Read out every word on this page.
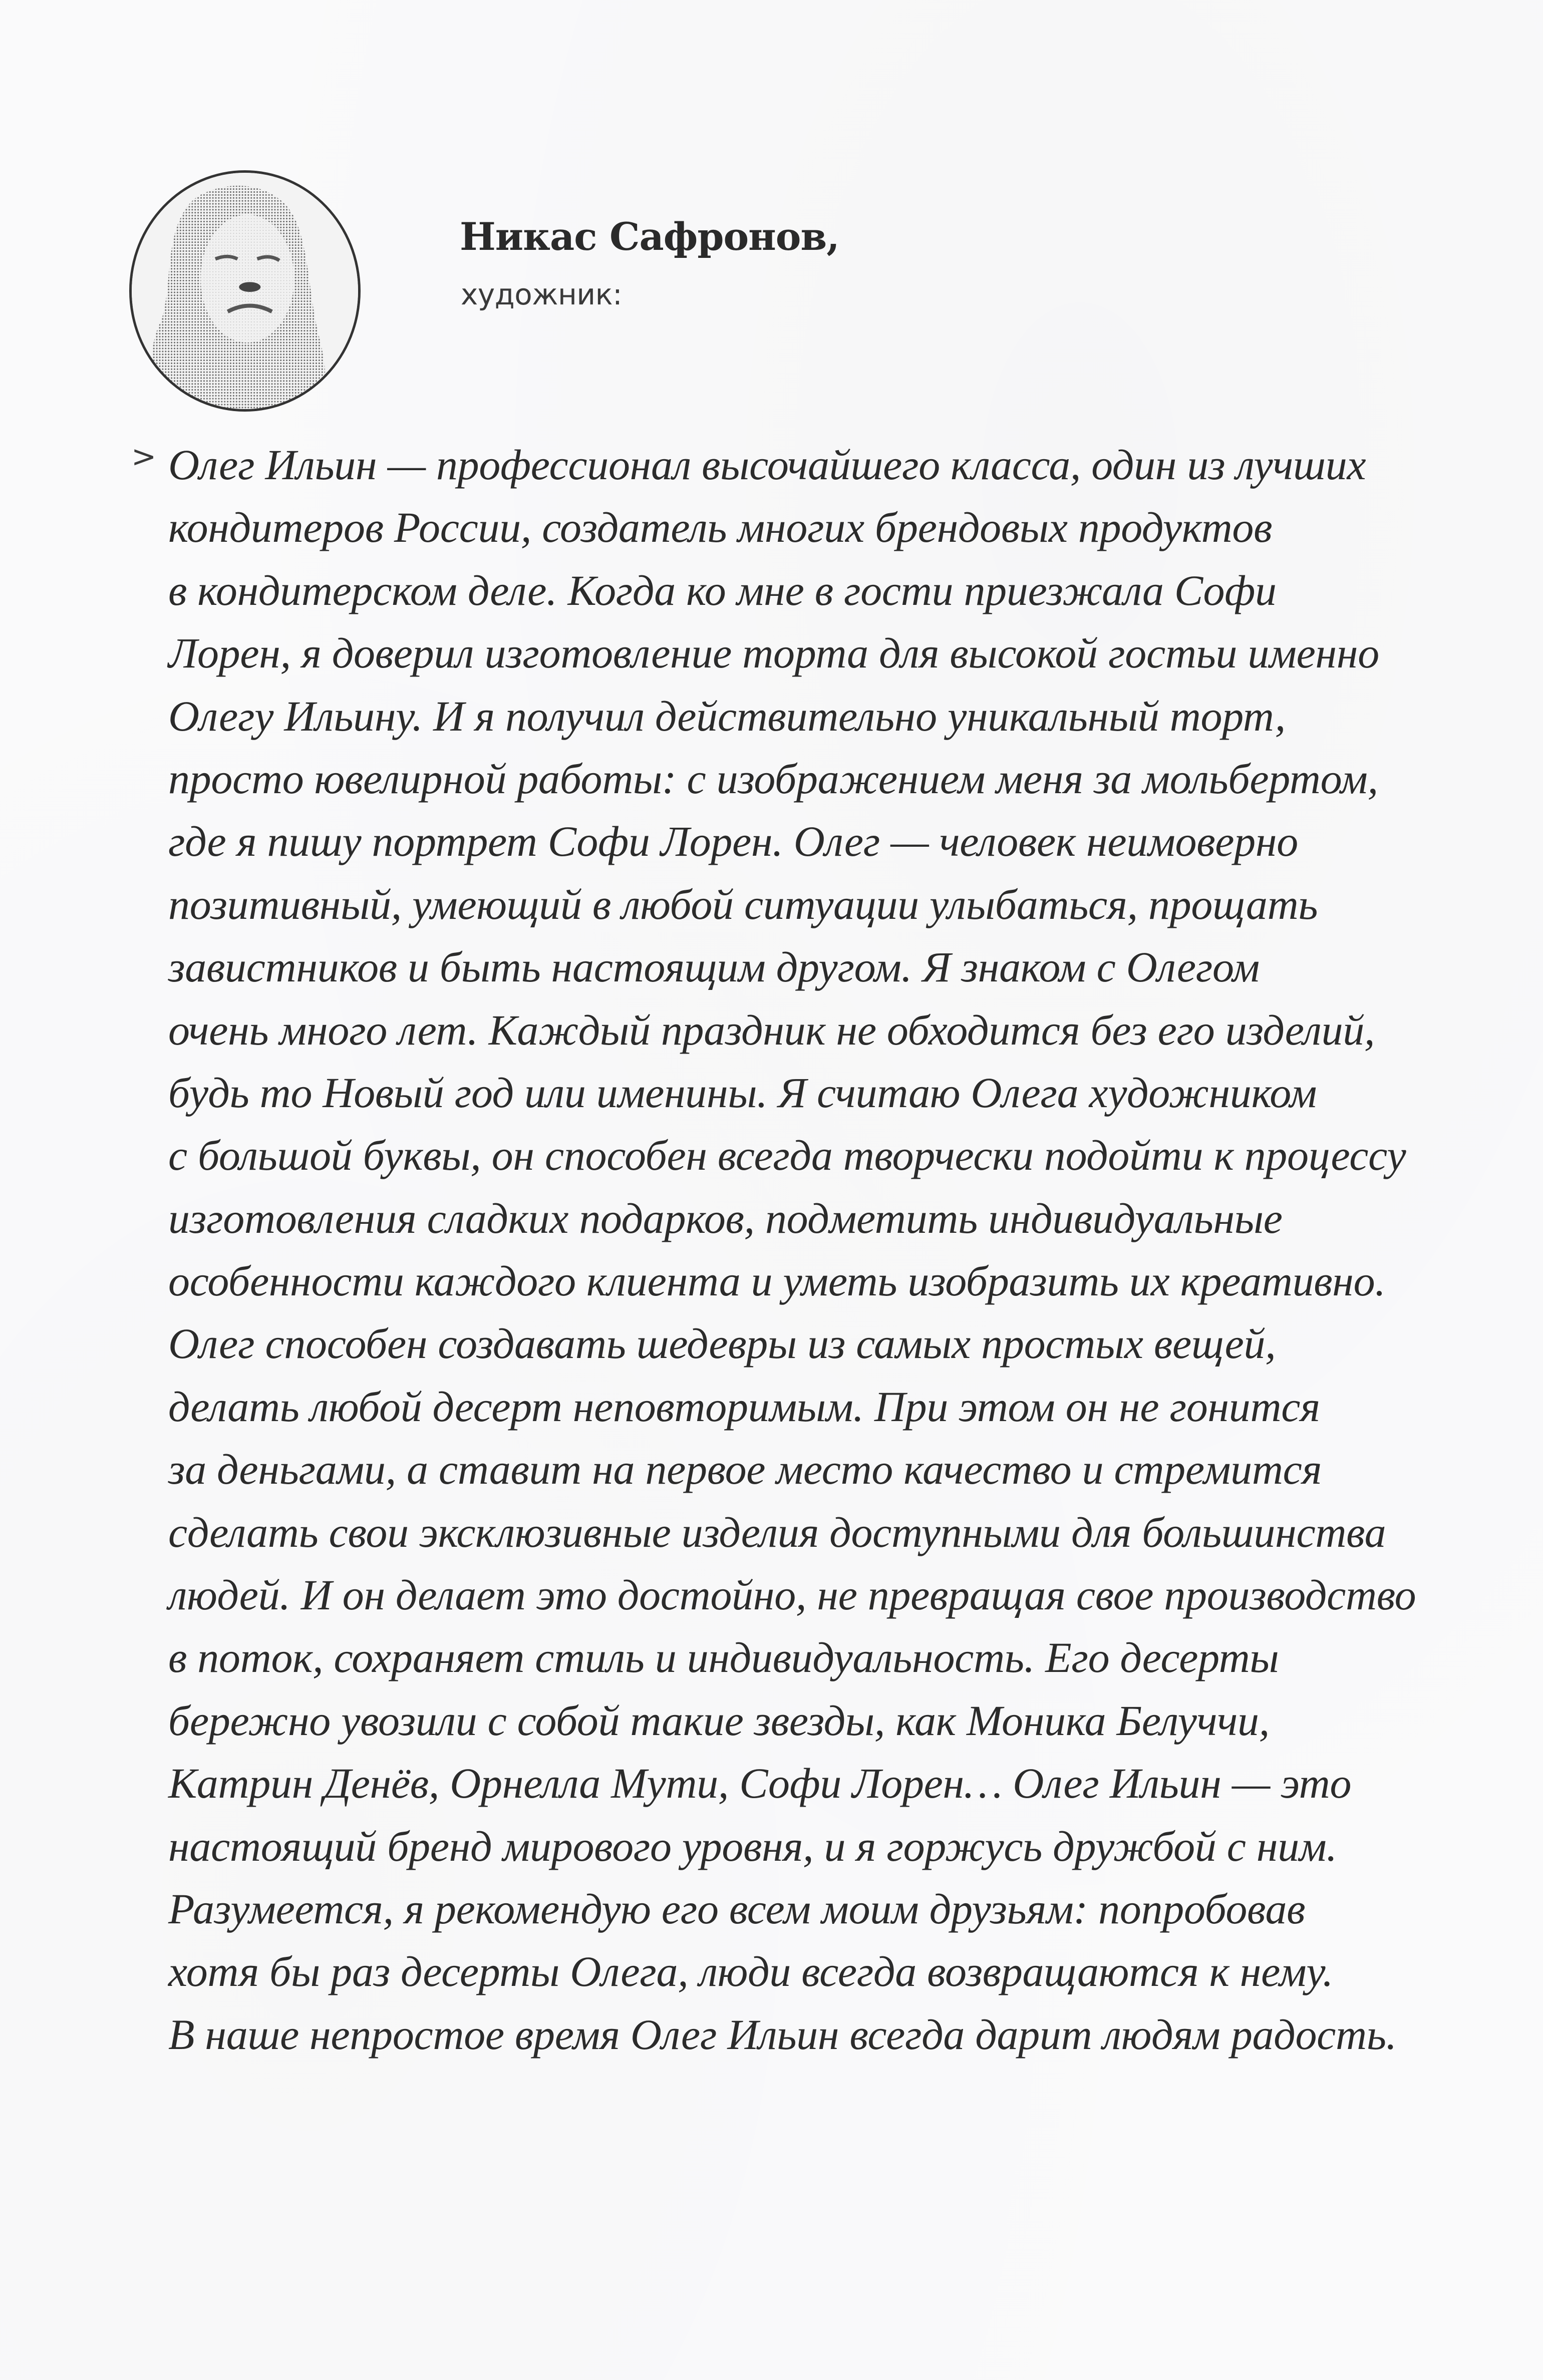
Никас Сафронов,
художник:
> Олег Ильин — профессионал высочайшего класса, один из лучших
кондитеров России, создатель многих брендовых продуктов
в кондитерском деле. Когда ко мне в гости приезжала Софи
Лорен, я доверил изготовление торта для высокой гостьи именно
Олегу Ильину. И я получил действительно уникальный торт,
просто ювелирной работы: с изображением меня за мольбертом,
где я пишу портрет Софи Лорен. Олег — человек неимоверно
позитивный, умеющий в любой ситуации улыбаться, прощать
завистников и быть настоящим другом. Я знаком с Олегом
очень много лет. Каждый праздник не обходится без его изделий,
будь то Новый год или именины. Я считаю Олега художником
с большой буквы, он способен всегда творчески подойти к процессу
изготовления сладких подарков, подметить индивидуальные
особенности каждого клиента и уметь изобразить их креативно.
Олег способен создавать шедевры из самых простых вещей,
делать любой десерт неповторимым. При этом он не гонится
за деньгами, а ставит на первое место качество и стремится
сделать свои эксклюзивные изделия доступными для большинства
людей. И он делает это достойно, не превращая свое производство
в поток, сохраняет стиль и индивидуальность. Его десерты
бережно увозили с собой такие звезды, как Моника Белуччи,
Катрин Денёв, Орнелла Мути, Софи Лорен… Олег Ильин — это
настоящий бренд мирового уровня, и я горжусь дружбой с ним.
Разумеется, я рекомендую его всем моим друзьям: попробовав
хотя бы раз десерты Олега, люди всегда возвращаются к нему.
В наше непростое время Олег Ильин всегда дарит людям радость.
